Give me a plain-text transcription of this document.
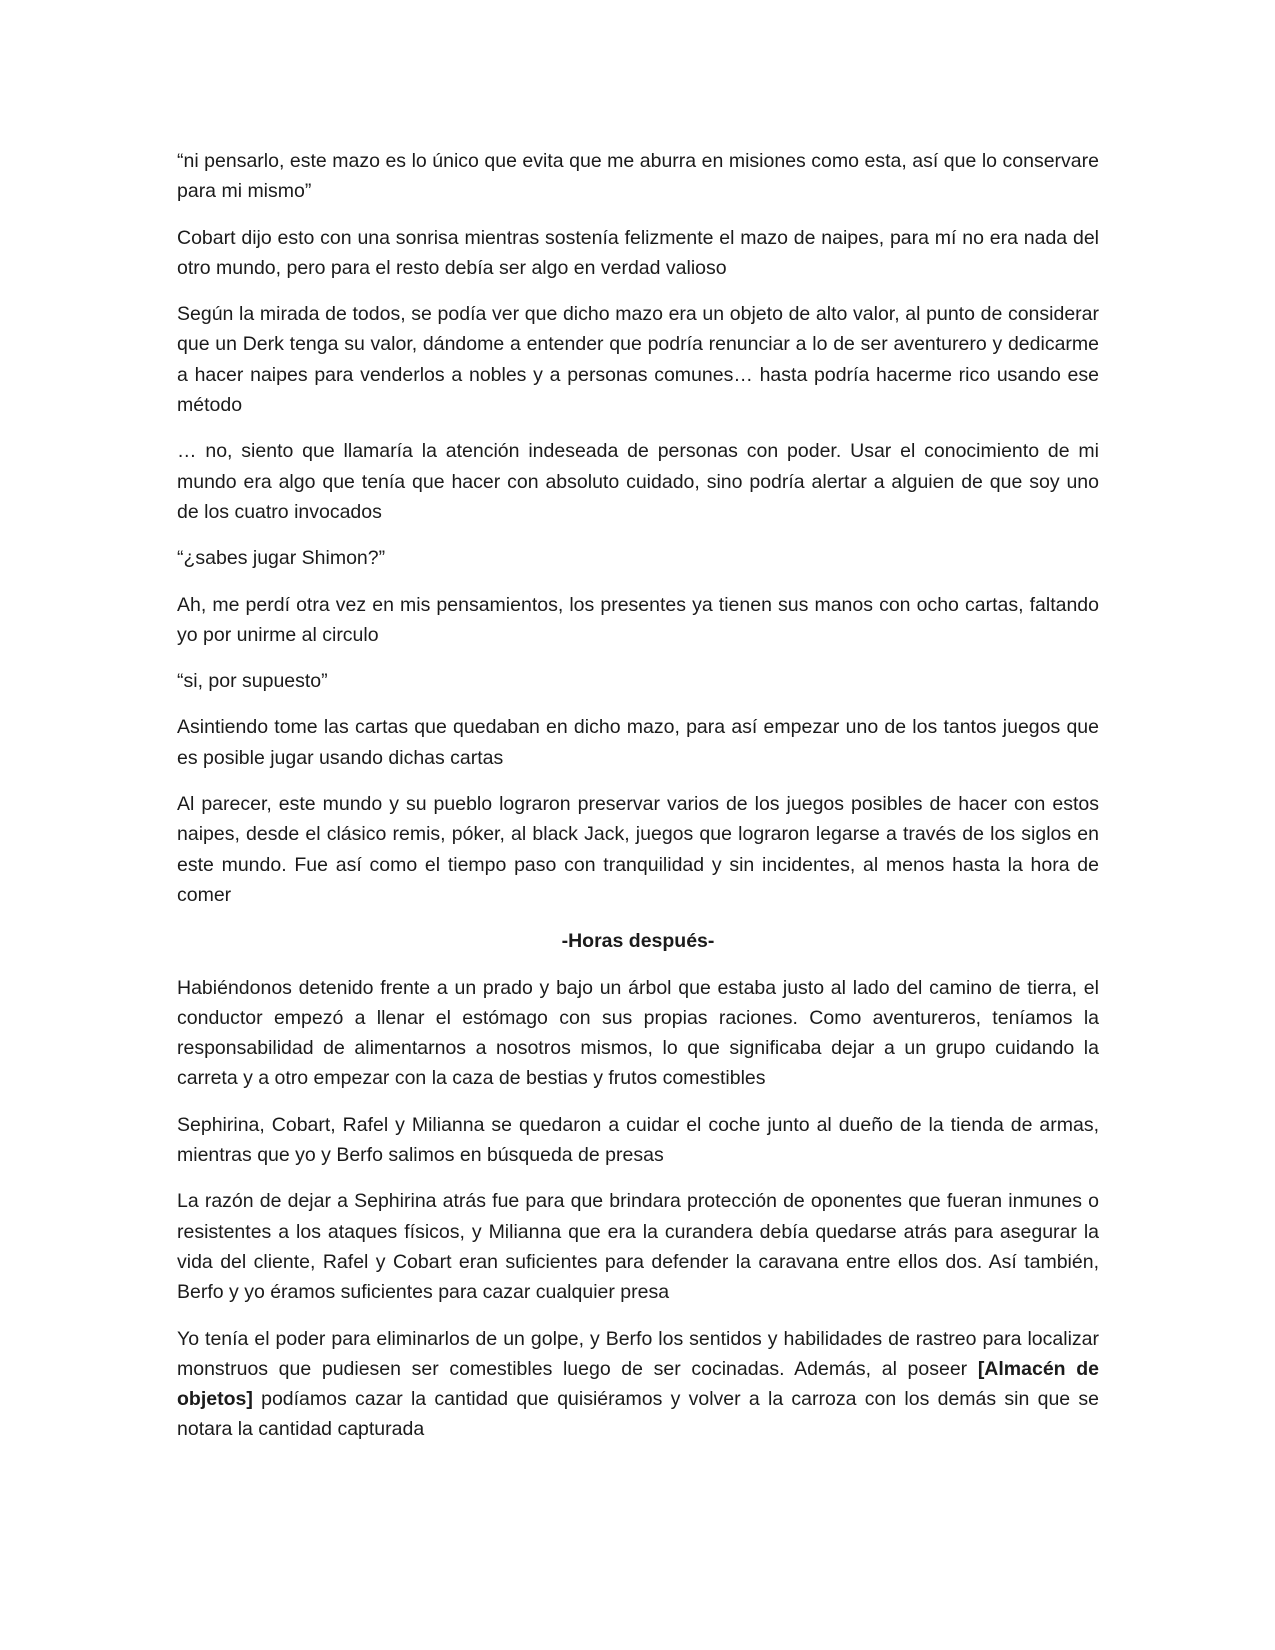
“ni pensarlo, este mazo es lo único que evita que me aburra en misiones como esta, así que lo conservare para mi mismo”

Cobart dijo esto con una sonrisa mientras sostenía felizmente el mazo de naipes, para mí no era nada del otro mundo, pero para el resto debía ser algo en verdad valioso

Según la mirada de todos, se podía ver que dicho mazo era un objeto de alto valor, al punto de considerar que un Derk tenga su valor, dándome a entender que podría renunciar a lo de ser aventurero y dedicarme a hacer naipes para venderlos a nobles y a personas comunes… hasta podría hacerme rico usando ese método

… no, siento que llamaría la atención indeseada de personas con poder. Usar el conocimiento de mi mundo era algo que tenía que hacer con absoluto cuidado, sino podría alertar a alguien de que soy uno de los cuatro invocados

“¿sabes jugar Shimon?”

Ah, me perdí otra vez en mis pensamientos, los presentes ya tienen sus manos con ocho cartas, faltando yo por unirme al circulo

“si, por supuesto”

Asintiendo tome las cartas que quedaban en dicho mazo, para así empezar uno de los tantos juegos que es posible jugar usando dichas cartas

Al parecer, este mundo y su pueblo lograron preservar varios de los juegos posibles de hacer con estos naipes, desde el clásico remis, póker, al black Jack, juegos que lograron legarse a través de los siglos en este mundo. Fue así como el tiempo paso con tranquilidad y sin incidentes, al menos hasta la hora de comer

-Horas después-

Habiéndonos detenido frente a un prado y bajo un árbol que estaba justo al lado del camino de tierra, el conductor empezó a llenar el estómago con sus propias raciones. Como aventureros, teníamos la responsabilidad de alimentarnos a nosotros mismos, lo que significaba dejar a un grupo cuidando la carreta y a otro empezar con la caza de bestias y frutos comestibles

Sephirina, Cobart, Rafel y Milianna se quedaron a cuidar el coche junto al dueño de la tienda de armas, mientras que yo y Berfo salimos en búsqueda de presas

La razón de dejar a Sephirina atrás fue para que brindara protección de oponentes que fueran inmunes o resistentes a los ataques físicos, y Milianna que era la curandera debía quedarse atrás para asegurar la vida del cliente, Rafel y Cobart eran suficientes para defender la caravana entre ellos dos. Así también, Berfo y yo éramos suficientes para cazar cualquier presa

Yo tenía el poder para eliminarlos de un golpe, y Berfo los sentidos y habilidades de rastreo para localizar monstruos que pudiesen ser comestibles luego de ser cocinadas. Además, al poseer [Almacén de objetos] podíamos cazar la cantidad que quisiéramos y volver a la carroza con los demás sin que se notara la cantidad capturada
